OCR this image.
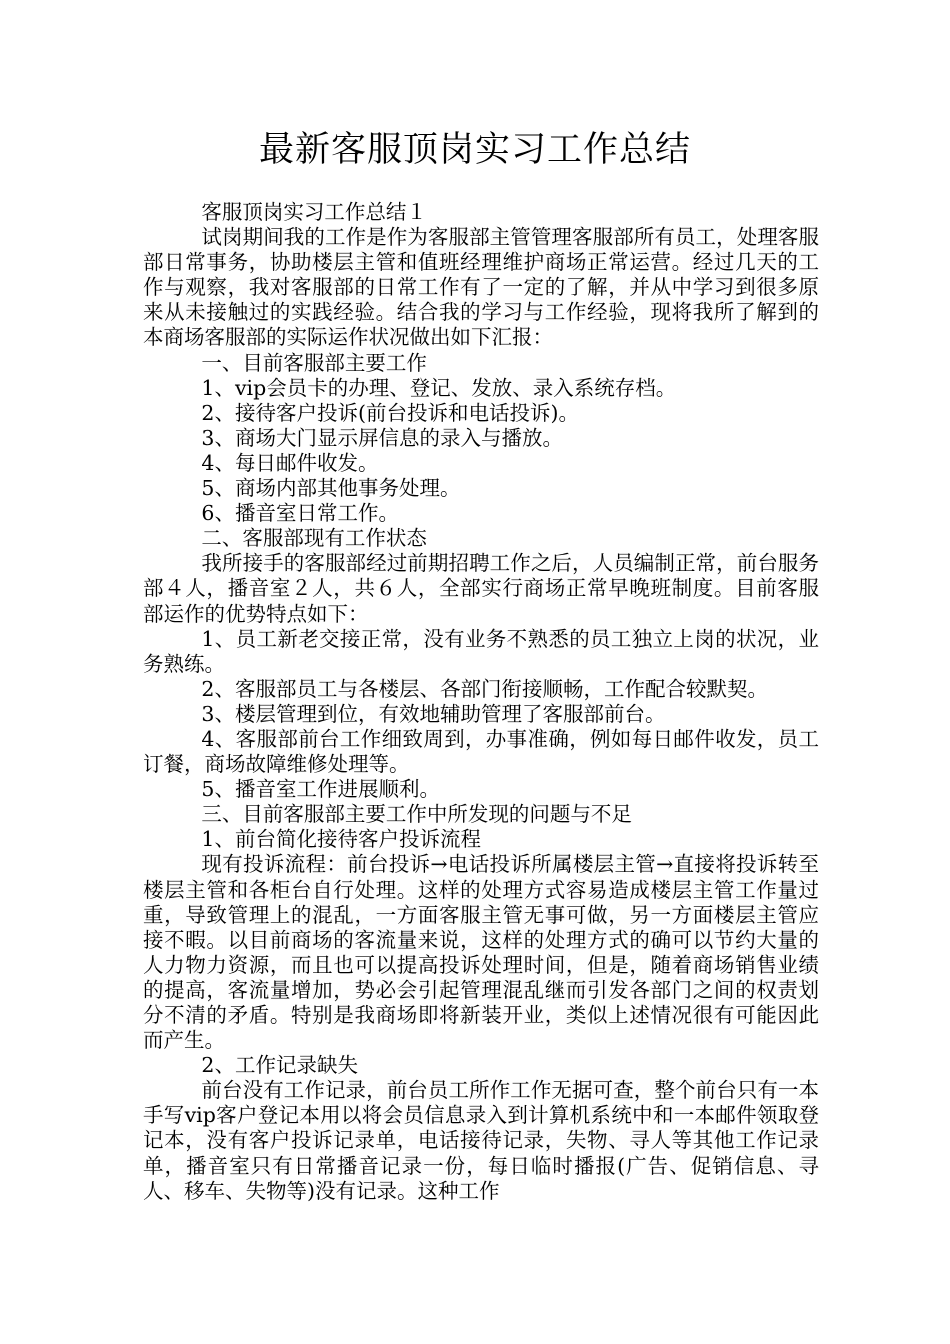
最新客服顶岗实习工作总结

客服顶岗实习工作总结１

试岗期间我的工作是作为客服部主管管理客服部所有员工，处理客服部日常事务，协助楼层主管和值班经理维护商场正常运营。经过几天的工作与观察，我对客服部的日常工作有了一定的了解，并从中学习到很多原来从未接触过的实践经验。结合我的学习与工作经验，现将我所了解到的本商场客服部的实际运作状况做出如下汇报：

一、目前客服部主要工作

1、vip会员卡的办理、登记、发放、录入系统存档。

2、接待客户投诉(前台投诉和电话投诉)。

3、商场大门显示屏信息的录入与播放。

4、每日邮件收发。

5、商场内部其他事务处理。

6、播音室日常工作。

二、客服部现有工作状态

我所接手的客服部经过前期招聘工作之后，人员编制正常，前台服务部４人，播音室２人，共６人，全部实行商场正常早晚班制度。目前客服部运作的优势特点如下：

1、员工新老交接正常，没有业务不熟悉的员工独立上岗的状况，业务熟练。

2、客服部员工与各楼层、各部门衔接顺畅，工作配合较默契。

3、楼层管理到位，有效地辅助管理了客服部前台。

4、客服部前台工作细致周到，办事准确，例如每日邮件收发，员工订餐，商场故障维修处理等。

5、播音室工作进展顺利。

三、目前客服部主要工作中所发现的问题与不足

1、前台简化接待客户投诉流程

现有投诉流程：前台投诉→电话投诉所属楼层主管→直接将投诉转至楼层主管和各柜台自行处理。这样的处理方式容易造成楼层主管工作量过重，导致管理上的混乱，一方面客服主管无事可做，另一方面楼层主管应接不暇。以目前商场的客流量来说，这样的处理方式的确可以节约大量的人力物力资源，而且也可以提高投诉处理时间，但是，随着商场销售业绩的提高，客流量增加，势必会引起管理混乱继而引发各部门之间的权责划分不清的矛盾。特别是我商场即将新装开业，类似上述情况很有可能因此而产生。

2、工作记录缺失

前台没有工作记录，前台员工所作工作无据可查，整个前台只有一本手写vip客户登记本用以将会员信息录入到计算机系统中和一本邮件领取登记本，没有客户投诉记录单，电话接待记录，失物、寻人等其他工作记录单，播音室只有日常播音记录一份，每日临时播报(广告、促销信息、寻人、移车、失物等)没有记录。这种工作
